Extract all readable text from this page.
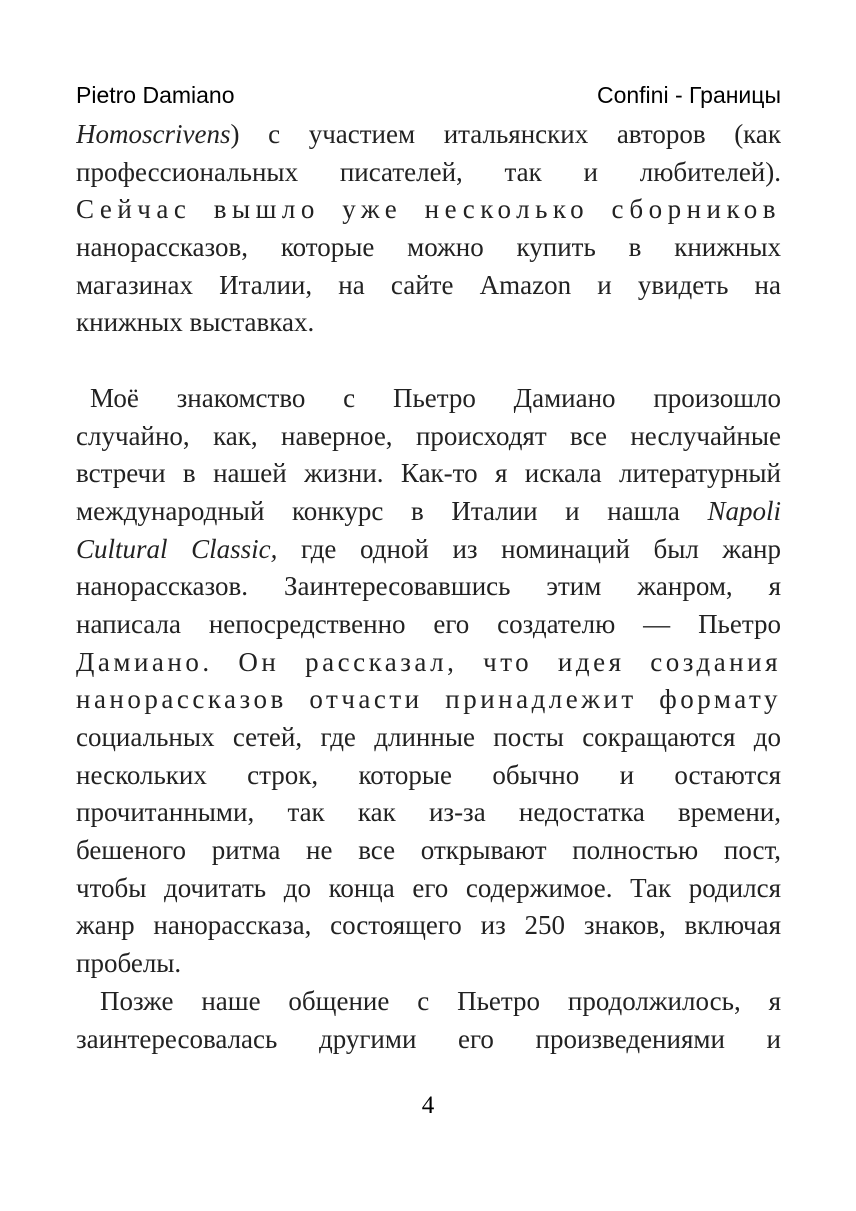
Pietro Damiano	Confini - Границы
Homoscrivens) с участием итальянских авторов (как
профессиональных писателей, так и любителей).
Сейчас вышло уже несколько сборников
нанорассказов, которые можно купить в книжных
магазинах Италии, на сайте Amazon и увидеть на
книжных выставках.
Моё знакомство с Пьетро Дамиано произошло
случайно, как, наверное, происходят все неслучайные
встречи в нашей жизни. Как-то я искала литературный
международный конкурс в Италии и нашла Napoli
Cultural Classic, где одной из номинаций был жанр
нанорассказов. Заинтересовавшись этим жанром, я
написала непосредственно его создателю — Пьетро
Дамиано. Он рассказал, что идея создания
нанорассказов отчасти принадлежит формату
социальных сетей, где длинные посты сокращаются до
нескольких строк, которые обычно и остаются
прочитанными, так как из-за недостатка времени,
бешеного ритма не все открывают полностью пост,
чтобы дочитать до конца его содержимое. Так родился
жанр нанорассказа, состоящего из 250 знаков, включая
пробелы.
Позже наше общение с Пьетро продолжилось, я
заинтересовалась другими его произведениями и
4
